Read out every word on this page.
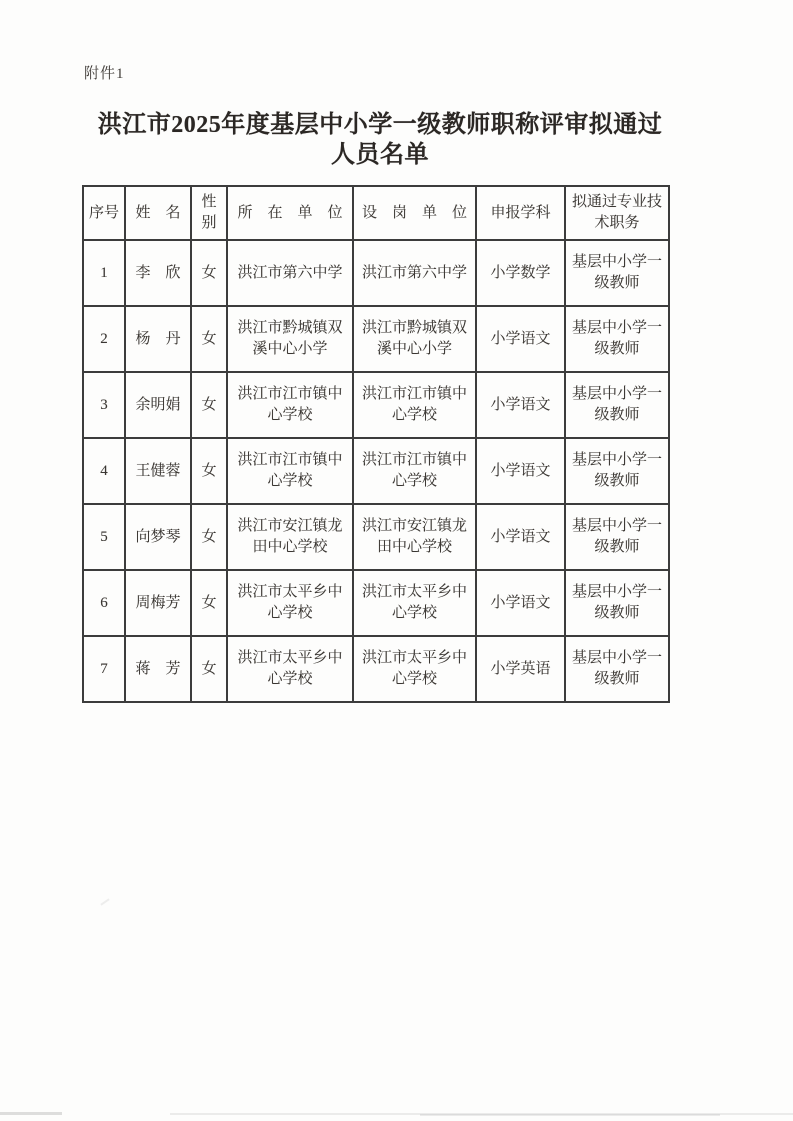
附件1
洪江市2025年度基层中小学一级教师职称评审拟通过
人员名单
序号	姓　名	性别	所　在　单　位	设　岗　单　位	申报学科	拟通过专业技术职务
1	李　欣	女	洪江市第六中学	洪江市第六中学	小学数学	基层中小学一级教师
2	杨　丹	女	洪江市黔城镇双溪中心小学	洪江市黔城镇双溪中心小学	小学语文	基层中小学一级教师
3	余明娟	女	洪江市江市镇中心学校	洪江市江市镇中心学校	小学语文	基层中小学一级教师
4	王健蓉	女	洪江市江市镇中心学校	洪江市江市镇中心学校	小学语文	基层中小学一级教师
5	向梦琴	女	洪江市安江镇龙田中心学校	洪江市安江镇龙田中心学校	小学语文	基层中小学一级教师
6	周梅芳	女	洪江市太平乡中心学校	洪江市太平乡中心学校	小学语文	基层中小学一级教师
7	蒋　芳	女	洪江市太平乡中心学校	洪江市太平乡中心学校	小学英语	基层中小学一级教师
